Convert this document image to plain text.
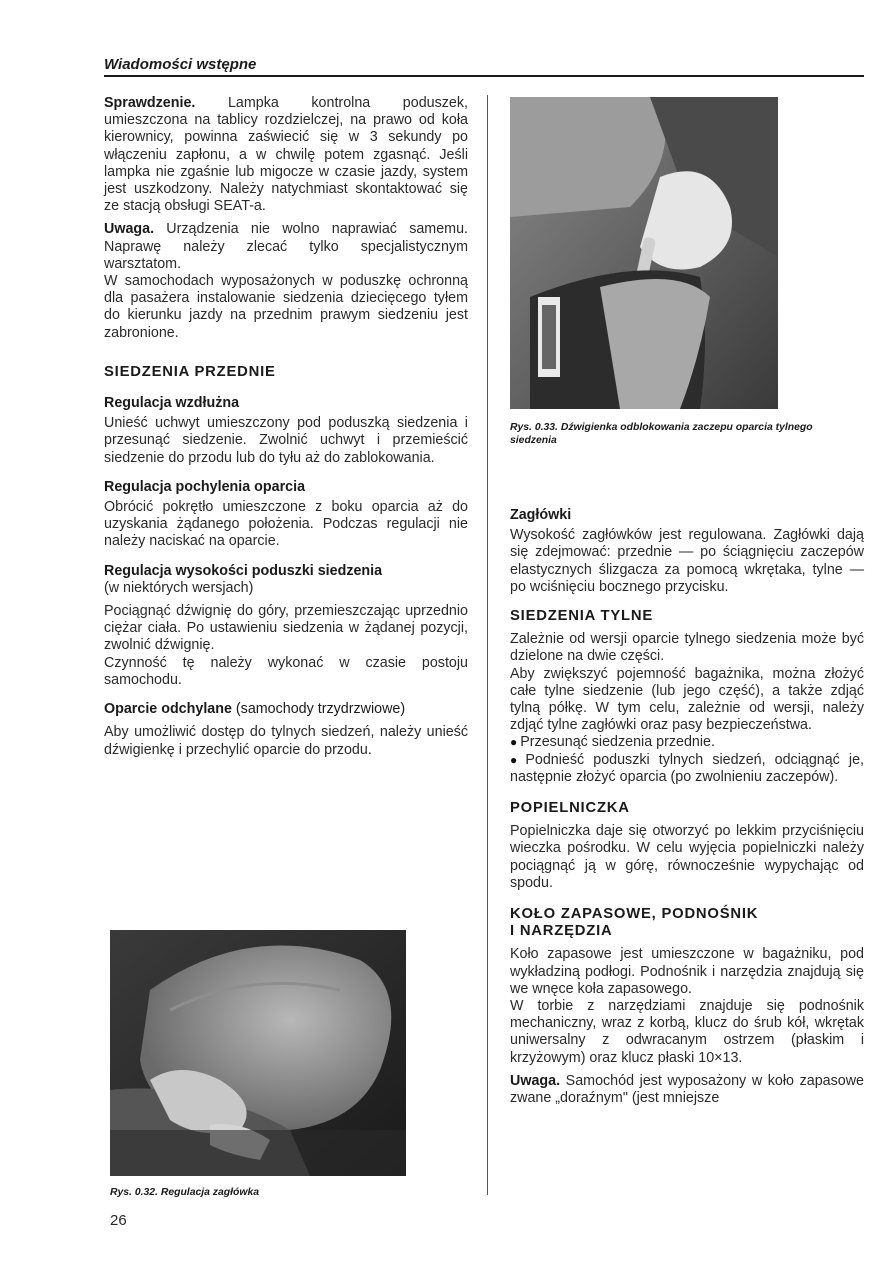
Wiadomości wstępne

Sprawdzenie. Lampka kontrolna poduszek, umieszczona na tablicy rozdzielczej, na prawo od koła kierownicy, powinna zaświecić się w 3 sekundy po włączeniu zapłonu, a w chwilę potem zgasnąć. Jeśli lampka nie zgaśnie lub migocze w czasie jazdy, system jest uszkodzony. Należy natychmiast skontaktować się ze stacją obsługi SEAT-a.

Uwaga. Urządzenia nie wolno naprawiać samemu. Naprawę należy zlecać tylko specjalistycznym warsztatom.

W samochodach wyposażonych w poduszkę ochronną dla pasażera instalowanie siedzenia dziecięcego tyłem do kierunku jazdy na przednim prawym siedzeniu jest zabronione.

SIEDZENIA PRZEDNIE
Regulacja wzdłużna

Unieść uchwyt umieszczony pod poduszką siedzenia i przesunąć siedzenie. Zwolnić uchwyt i przemieścić siedzenie do przodu lub do tyłu aż do zablokowania.

Regulacja pochylenia oparcia

Obrócić pokrętło umieszczone z boku oparcia aż do uzyskania żądanego położenia. Podczas regulacji nie należy naciskać na oparcie.

Regulacja wysokości poduszki siedzenia

(w niektórych wersjach)

Pociągnąć dźwignię do góry, przemieszczając uprzednio ciężar ciała. Po ustawieniu siedzenia w żądanej pozycji, zwolnić dźwignię.

Czynność tę należy wykonać w czasie postoju samochodu.

Oparcie odchylane (samochody trzydrzwiowe)

Aby umożliwić dostęp do tylnych siedzeń, należy unieść dźwigienkę i przechylić oparcie do przodu.

Rys. 0.32. Regulacja zagłówka
Rys. 0.33. Dźwigienka odblokowania zaczepu oparcia tylnego siedzenia
Zagłówki

Wysokość zagłówków jest regulowana. Zagłówki dają się zdejmować: przednie — po ściągnięciu zaczepów elastycznych ślizgacza za pomocą wkrętaka, tylne — po wciśnięciu bocznego przycisku.

SIEDZENIA TYLNE

Zależnie od wersji oparcie tylnego siedzenia może być dzielone na dwie części.

Aby zwiększyć pojemność bagażnika, można złożyć całe tylne siedzenie (lub jego część), a także zdjąć tylną półkę. W tym celu, zależnie od wersji, należy zdjąć tylne zagłówki oraz pasy bezpieczeństwa.

● Przesunąć siedzenia przednie.

● Podnieść poduszki tylnych siedzeń, odciągnąć je, następnie złożyć oparcia (po zwolnieniu zaczepów).

POPIELNICZKA

Popielniczka daje się otworzyć po lekkim przyciśnięciu wieczka pośrodku. W celu wyjęcia popielniczki należy pociągnąć ją w górę, równocześnie wypychając od spodu.

KOŁO ZAPASOWE, PODNOŚNIK
I NARZĘDZIA

Koło zapasowe jest umieszczone w bagażniku, pod wykładziną podłogi. Podnośnik i narzędzia znajdują się we wnęce koła zapasowego.

W torbie z narzędziami znajduje się podnośnik mechaniczny, wraz z korbą, klucz do śrub kół, wkrętak uniwersalny z odwracanym ostrzem (płaskim i krzyżowym) oraz klucz płaski 10×13.

Uwaga. Samochód jest wyposażony w koło zapasowe zwane „doraźnym" (jest mniejsze

26
